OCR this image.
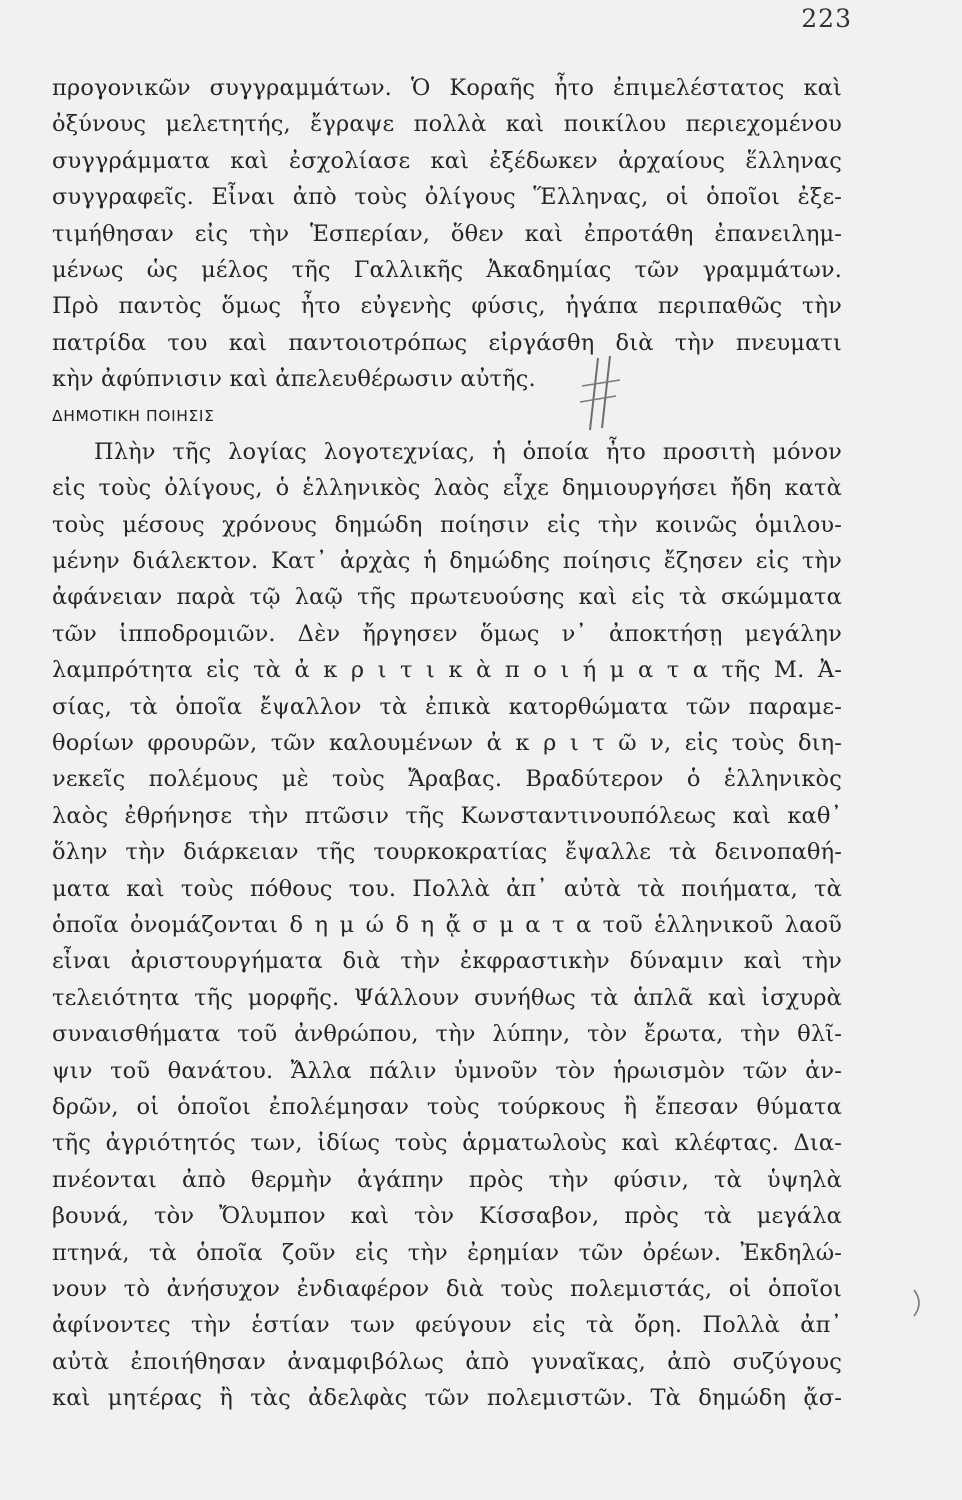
223
προγονικῶν συγγραμμάτων. Ὁ Κοραῆς ἦτο ἐπιμελέστατος καὶ
ὀξύνους μελετητής, ἔγραψε πολλὰ καὶ ποικίλου περιεχομένου
συγγράμματα καὶ ἐσχολίασε καὶ ἐξέδωκεν ἀρχαίους ἕλληνας
συγγραφεῖς. Εἶναι ἀπὸ τοὺς ὀλίγους Ἕλληνας, οἱ ὁποῖοι ἐξε-
τιμήθησαν εἰς τὴν Ἑσπερίαν, ὅθεν καὶ ἐπροτάθη ἐπανειλημ-
μένως ὡς μέλος τῆς Γαλλικῆς Ἀκαδημίας τῶν γραμμάτων.
Πρὸ παντὸς ὅμως ἦτο εὐγενὴς φύσις, ἠγάπα περιπαθῶς τὴν
πατρίδα του καὶ παντοιοτρόπως εἰργάσθη διὰ τὴν πνευματι
κὴν ἀφύπνισιν καὶ ἀπελευθέρωσιν αὐτῆς.
ΔΗΜΟΤΙΚΗ ΠΟΙΗΣΙΣ
Πλὴν τῆς λογίας λογοτεχνίας, ἡ ὁποία ἦτο προσιτὴ μόνον
εἰς τοὺς ὀλίγους, ὁ ἑλληνικὸς λαὸς εἶχε δημιουργήσει ἤδη κατὰ
τοὺς μέσους χρόνους δημώδη ποίησιν εἰς τὴν κοινῶς ὁμιλου-
μένην διάλεκτον. Κατ᾽ ἀρχὰς ἡ δημώδης ποίησις ἔζησεν εἰς τὴν
ἀφάνειαν παρὰ τῷ λαῷ τῆς πρωτευούσης καὶ εἰς τὰ σκώμματα
τῶν ἱπποδρομιῶν. Δὲν ἤργησεν ὅμως ν᾽ ἀποκτήσῃ μεγάλην
λαμπρότητα εἰς τὰ ἀ κ ρ ι τ ι κ ὰ π ο ι ή μ α τ α τῆς Μ. Ἀ-
σίας, τὰ ὁποῖα ἔψαλλον τὰ ἐπικὰ κατορθώματα τῶν παραμε-
θορίων φρουρῶν, τῶν καλουμένων ἀ κ ρ ι τ ῶ ν, εἰς τοὺς διη-
νεκεῖς πολέμους μὲ τοὺς Ἄραβας. Βραδύτερον ὁ ἑλληνικὸς
λαὸς ἐθρήνησε τὴν πτῶσιν τῆς Κωνσταντινουπόλεως καὶ καθ᾽
ὅλην τὴν διάρκειαν τῆς τουρκοκρατίας ἔψαλλε τὰ δεινοπαθή-
ματα καὶ τοὺς πόθους του. Πολλὰ ἀπ᾽ αὐτὰ τὰ ποιήματα, τὰ
ὁποῖα ὀνομάζονται δ η μ ώ δ η ᾄ σ μ α τ α τοῦ ἑλληνικοῦ λαοῦ
εἶναι ἀριστουργήματα διὰ τὴν ἐκφραστικὴν δύναμιν καὶ τὴν
τελειότητα τῆς μορφῆς. Ψάλλουν συνήθως τὰ ἁπλᾶ καὶ ἰσχυρὰ
συναισθήματα τοῦ ἀνθρώπου, τὴν λύπην, τὸν ἔρωτα, τὴν θλῖ-
ψιν τοῦ θανάτου. Ἄλλα πάλιν ὑμνοῦν τὸν ἡρωισμὸν τῶν ἀν-
δρῶν, οἱ ὁποῖοι ἐπολέμησαν τοὺς τούρκους ἢ ἔπεσαν θύματα
τῆς ἀγριότητός των, ἰδίως τοὺς ἁρματωλοὺς καὶ κλέφτας. Δια-
πνέονται ἀπὸ θερμὴν ἀγάπην πρὸς τὴν φύσιν, τὰ ὑψηλὰ
βουνά, τὸν Ὄλυμπον καὶ τὸν Κίσσαβον, πρὸς τὰ μεγάλα
πτηνά, τὰ ὁποῖα ζοῦν εἰς τὴν ἐρημίαν τῶν ὀρέων. Ἐκδηλώ-
νουν τὸ ἀνήσυχον ἐνδιαφέρον διὰ τοὺς πολεμιστάς, οἱ ὁποῖοι
ἀφίνοντες τὴν ἑστίαν των φεύγουν εἰς τὰ ὄρη. Πολλὰ ἀπ᾽
αὐτὰ ἐποιήθησαν ἀναμφιβόλως ἀπὸ γυναῖκας, ἀπὸ συζύγους
καὶ μητέρας ἢ τὰς ἀδελφὰς τῶν πολεμιστῶν. Τὰ δημώδη ᾄσ-
